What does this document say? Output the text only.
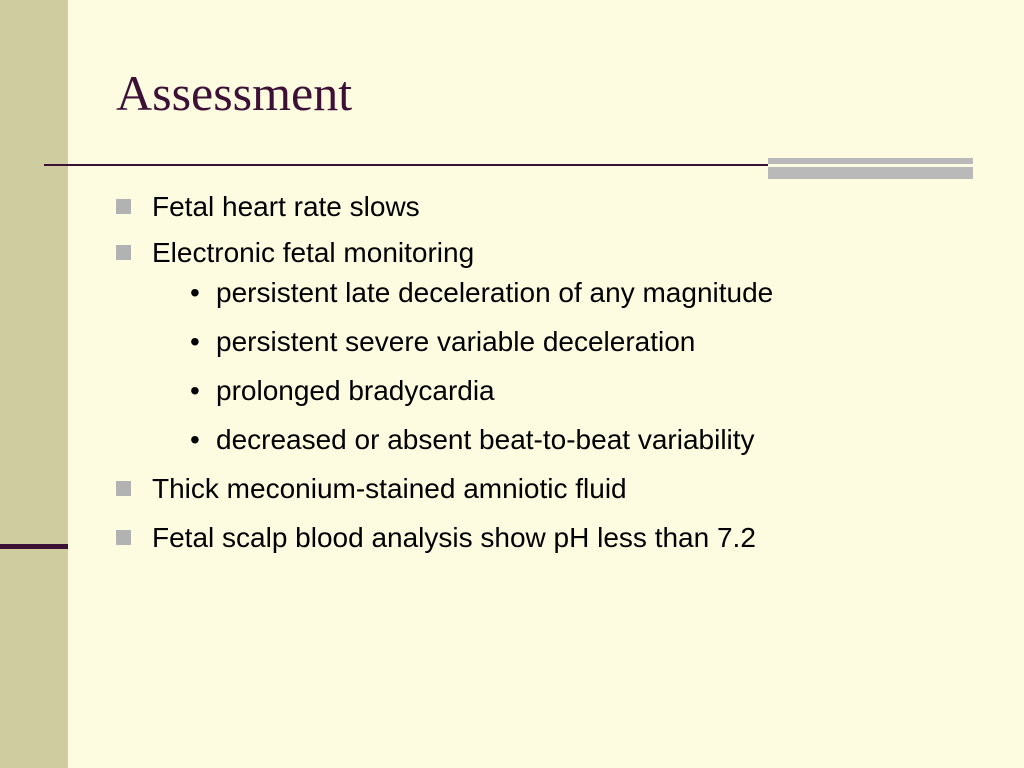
Assessment
Fetal heart rate slows
Electronic fetal monitoring
• persistent late deceleration of any magnitude
• persistent severe variable deceleration
• prolonged bradycardia
• decreased or absent beat-to-beat variability
Thick meconium-stained amniotic fluid
Fetal scalp blood analysis show pH less than 7.2
